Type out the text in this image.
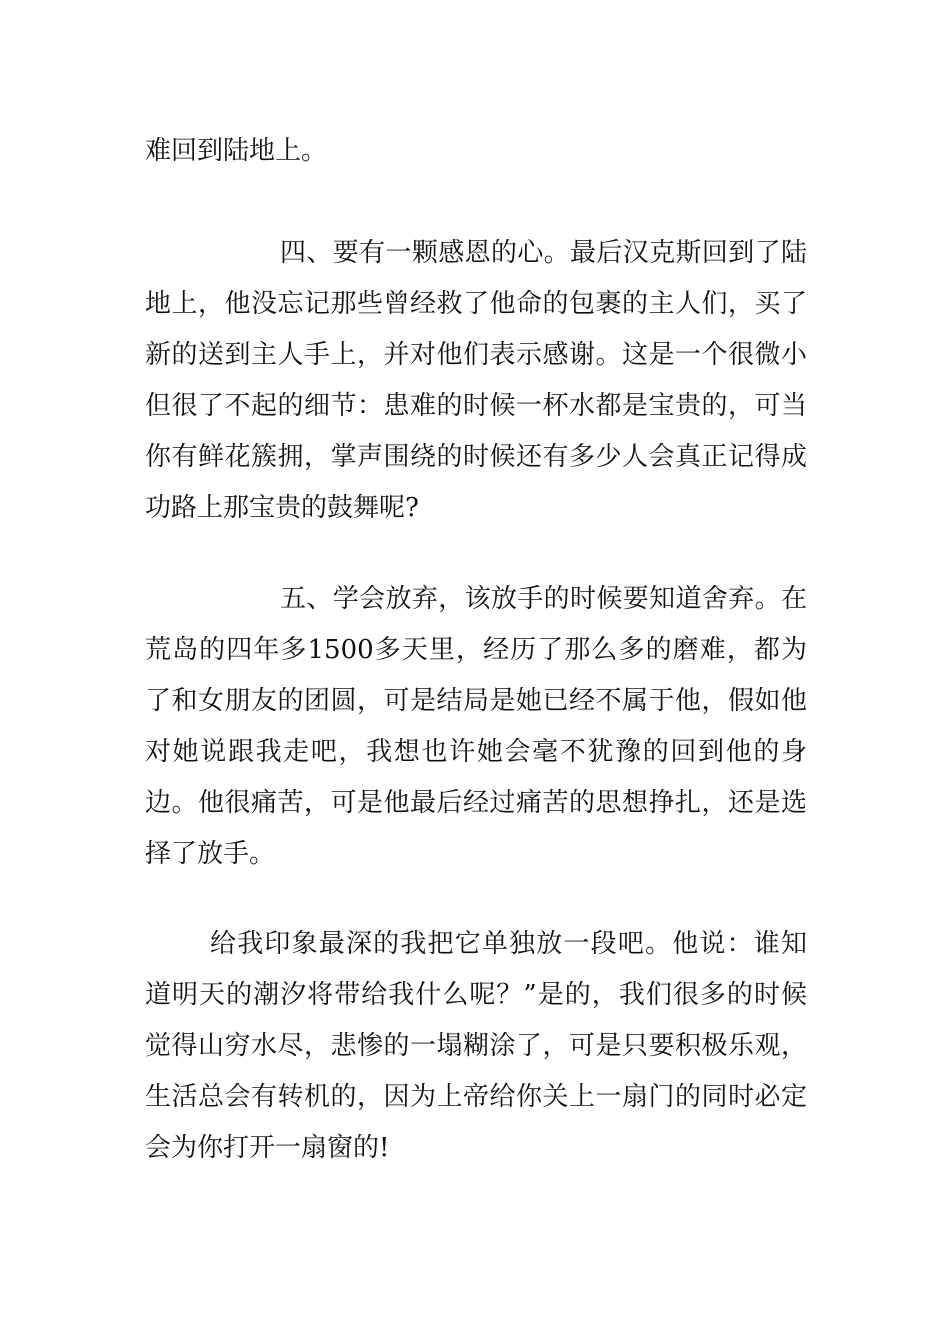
难回到陆地上。

四、要有一颗感恩的心。最后汉克斯回到了陆地上，他没忘记那些曾经救了他命的包裹的主人们，买了新的送到主人手上，并对他们表示感谢。这是一个很微小但很了不起的细节：患难的时候一杯水都是宝贵的，可当你有鲜花簇拥，掌声围绕的时候还有多少人会真正记得成功路上那宝贵的鼓舞呢?

五、学会放弃，该放手的时候要知道舍弃。在荒岛的四年多1500多天里，经历了那么多的磨难，都为了和女朋友的团圆，可是结局是她已经不属于他，假如他对她说跟我走吧，我想也许她会毫不犹豫的回到他的身边。他很痛苦，可是他最后经过痛苦的思想挣扎，还是选择了放手。

给我印象最深的我把它单独放一段吧。他说：谁知道明天的潮汐将带给我什么呢？”是的，我们很多的时候觉得山穷水尽，悲惨的一塌糊涂了，可是只要积极乐观，生活总会有转机的，因为上帝给你关上一扇门的同时必定会为你打开一扇窗的!
